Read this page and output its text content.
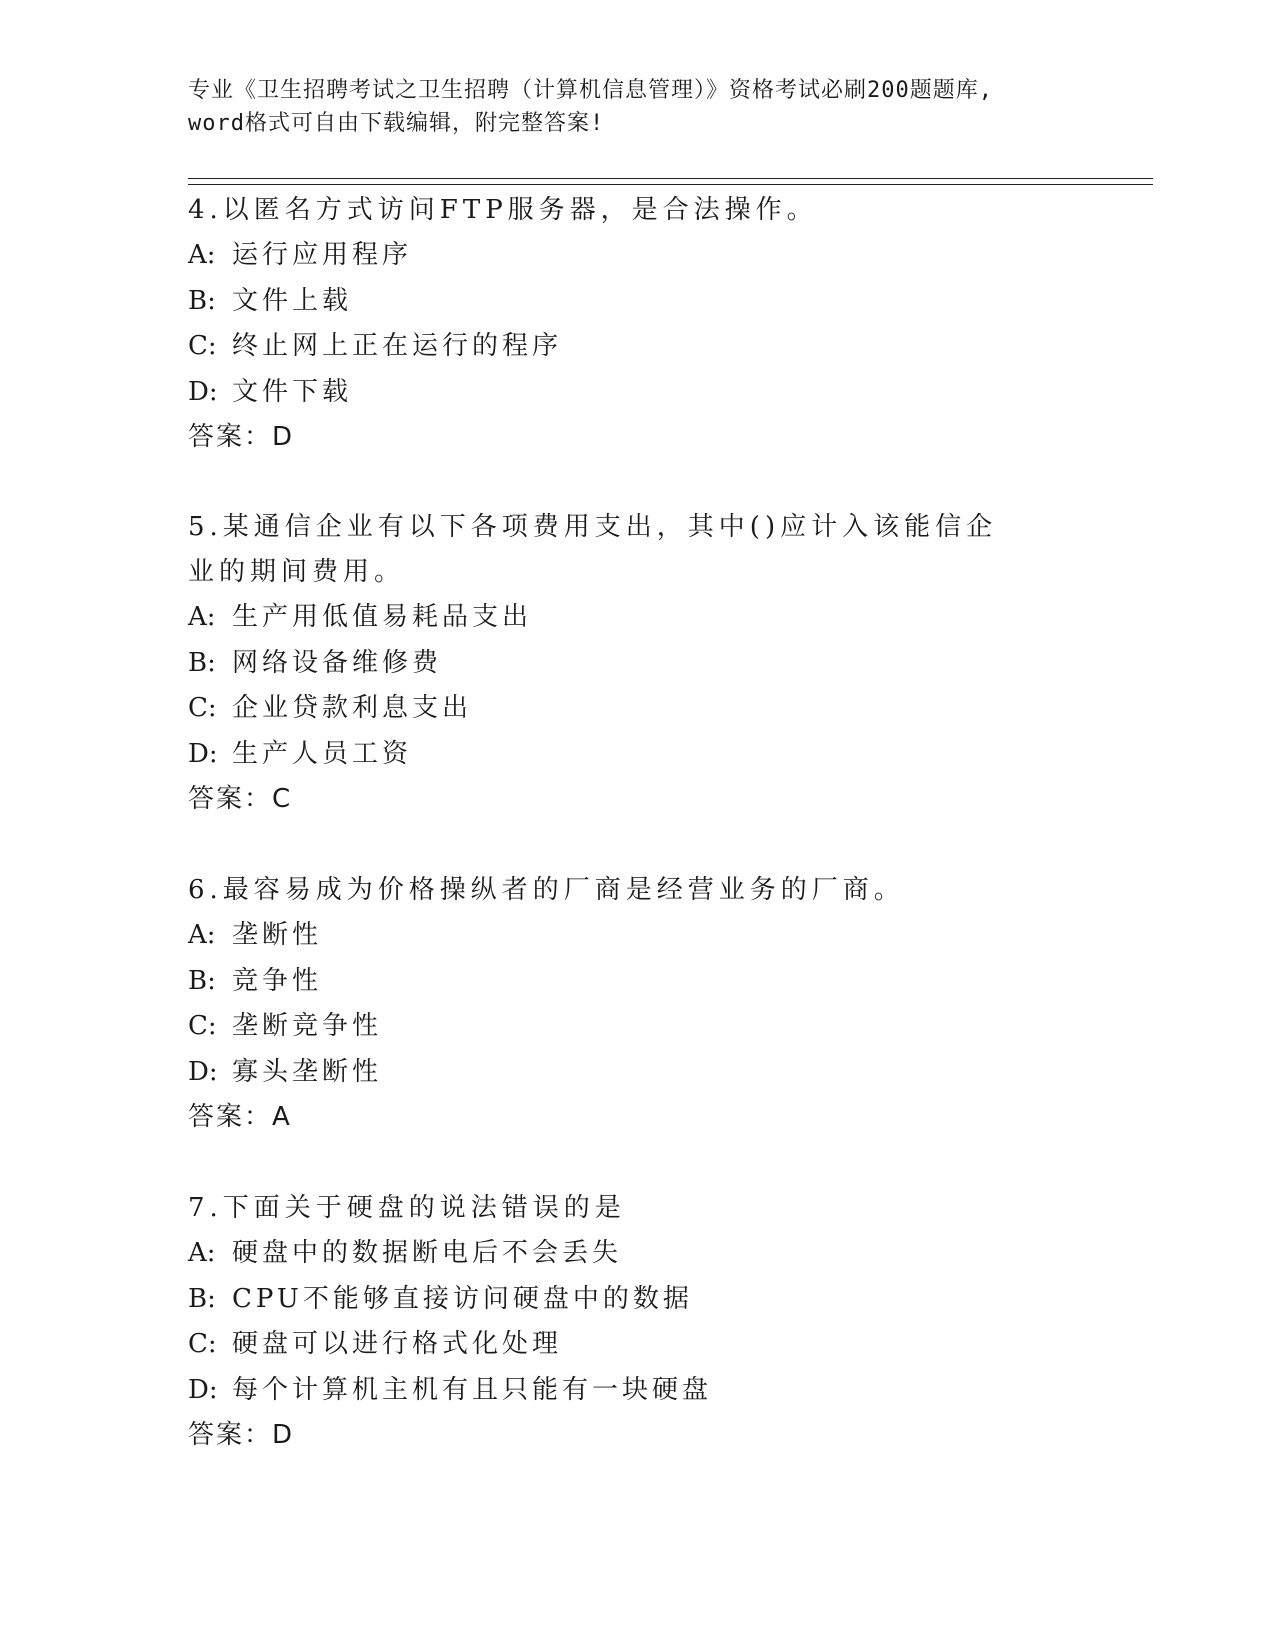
专业《卫生招聘考试之卫生招聘（计算机信息管理）》资格考试必刷200题题库,
word格式可自由下载编辑，附完整答案!
4.以匿名方式访问FTP服务器，是合法操作。
A: 运行应用程序
B: 文件上载
C: 终止网上正在运行的程序
D: 文件下载
答案：D
5.某通信企业有以下各项费用支出，其中()应计入该能信企业的期间费用。
A: 生产用低值易耗品支出
B: 网络设备维修费
C: 企业贷款利息支出
D: 生产人员工资
答案：C
6.最容易成为价格操纵者的厂商是经营业务的厂商。
A: 垄断性
B: 竞争性
C: 垄断竞争性
D: 寡头垄断性
答案：A
7.下面关于硬盘的说法错误的是
A: 硬盘中的数据断电后不会丢失
B: CPU不能够直接访问硬盘中的数据
C: 硬盘可以进行格式化处理
D: 每个计算机主机有且只能有一块硬盘
答案：D
